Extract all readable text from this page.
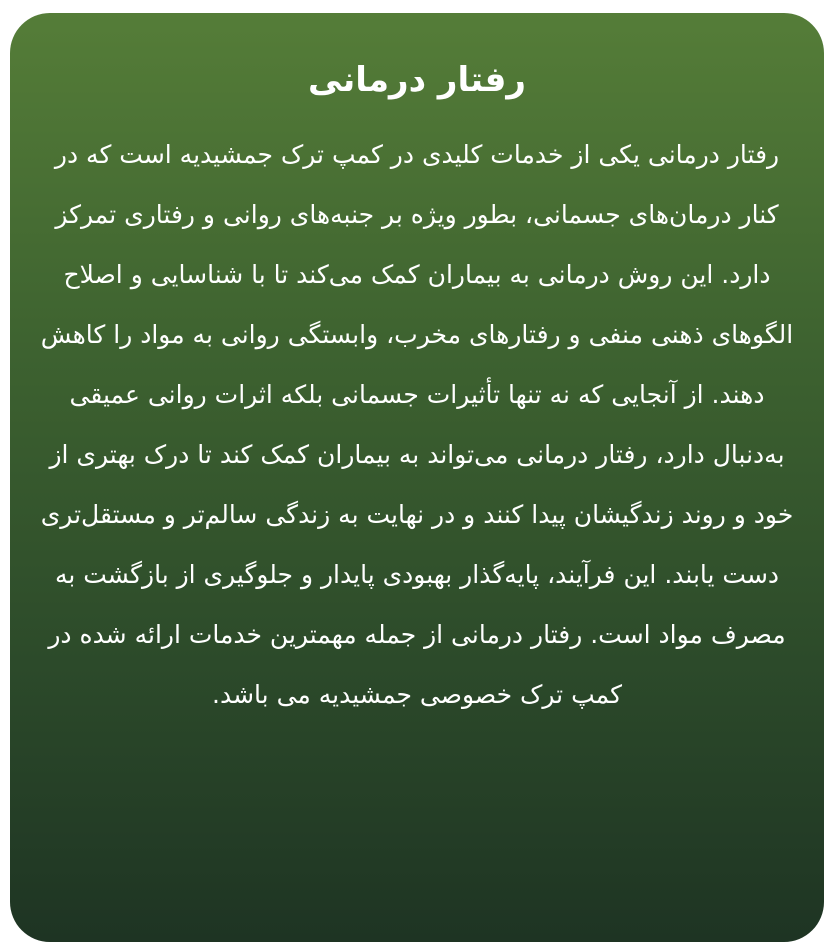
رفتار درمانی

رفتار درمانی یکی از خدمات کلیدی در کمپ ترک جمشیدیه است که در کنار درمان‌های جسمانی، بطور ویژه بر جنبه‌های روانی و رفتاری تمرکز دارد. این روش درمانی به بیماران کمک می‌کند تا با شناسایی و اصلاح الگوهای ذهنی منفی و رفتارهای مخرب، وابستگی روانی به مواد را کاهش دهند. از آنجایی که نه تنها تأثیرات جسمانی بلکه اثرات روانی عمیقی به‌دنبال دارد، رفتار درمانی می‌تواند به بیماران کمک کند تا درک بهتری از خود و روند زندگیشان پیدا کنند و در نهایت به زندگی سالم‌تر و مستقل‌تری دست یابند. این فرآیند، پایه‌گذار بهبودی پایدار و جلوگیری از بازگشت به مصرف مواد است. رفتار درمانی از جمله مهمترین خدمات ارائه شده در کمپ ترک خصوصی جمشیدیه می باشد.
